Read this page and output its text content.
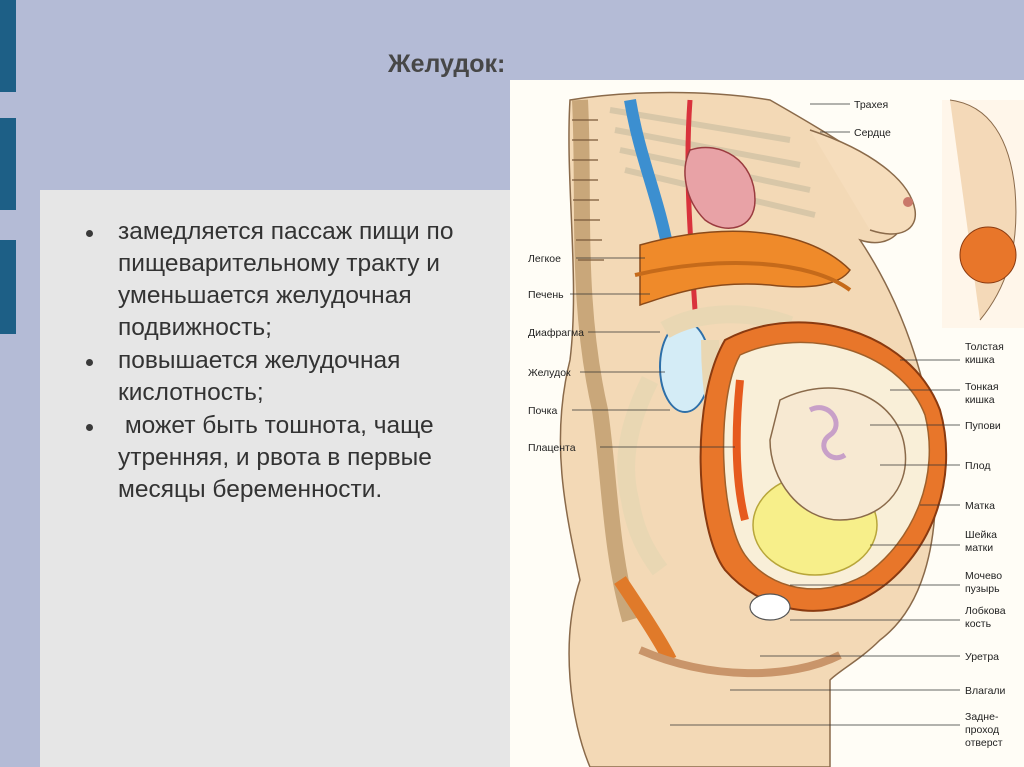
Желудок:
замедляется пассаж пищи по пищеварительному тракту и уменьшается желудочная подвижность;
повышается желудочная кислотность;
может быть тошнота, чаще утренняя, и рвота в первые месяцы беременности.
Легкое
Печень
Диафрагма
Желудок
Почка
Плацента
Трахея
Сердце
Толстая
кишка
Тонкая
кишка
Пупови
Плод
Матка
Шейка
матки
Мочево
пузырь
Лобкова
кость
Уретра
Влагали
Задне-
проход
отверст
